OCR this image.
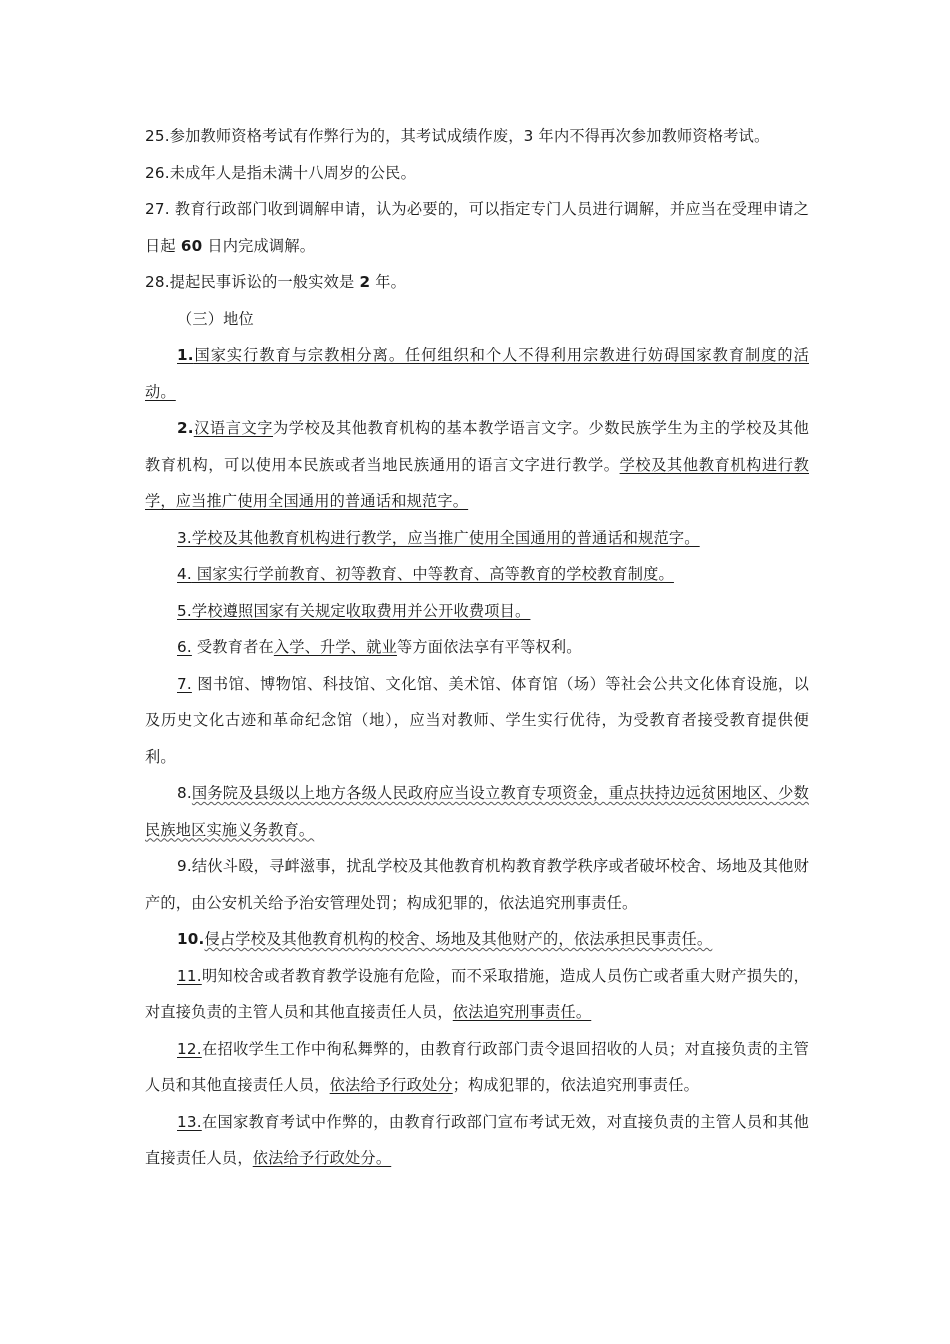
25.参加教师资格考试有作弊行为的，其考试成绩作废，3 年内不得再次参加教师资格考试。

26.未成年人是指未满十八周岁的公民。

27. 教育行政部门收到调解申请，认为必要的，可以指定专门人员进行调解，并应当在受理申请之日起 60 日内完成调解。

28.提起民事诉讼的一般实效是 2 年。

（三）地位

1.国家实行教育与宗教相分离。任何组织和个人不得利用宗教进行妨碍国家教育制度的活动。

2.汉语言文字为学校及其他教育机构的基本教学语言文字。少数民族学生为主的学校及其他教育机构，可以使用本民族或者当地民族通用的语言文字进行教学。学校及其他教育机构进行教学，应当推广使用全国通用的普通话和规范字。

3.学校及其他教育机构进行教学，应当推广使用全国通用的普通话和规范字。

4. 国家实行学前教育、初等教育、中等教育、高等教育的学校教育制度。

5.学校遵照国家有关规定收取费用并公开收费项目。

6. 受教育者在入学、升学、就业等方面依法享有平等权利。

7. 图书馆、博物馆、科技馆、文化馆、美术馆、体育馆（场）等社会公共文化体育设施，以及历史文化古迹和革命纪念馆（地），应当对教师、学生实行优待，为受教育者接受教育提供便利。

8.国务院及县级以上地方各级人民政府应当设立教育专项资金，重点扶持边远贫困地区、少数民族地区实施义务教育。

9.结伙斗殴，寻衅滋事，扰乱学校及其他教育机构教育教学秩序或者破坏校舍、场地及其他财产的，由公安机关给予治安管理处罚；构成犯罪的，依法追究刑事责任。

10.侵占学校及其他教育机构的校舍、场地及其他财产的，依法承担民事责任。

11.明知校舍或者教育教学设施有危险，而不采取措施，造成人员伤亡或者重大财产损失的，对直接负责的主管人员和其他直接责任人员，依法追究刑事责任。

12.在招收学生工作中徇私舞弊的，由教育行政部门责令退回招收的人员；对直接负责的主管人员和其他直接责任人员，依法给予行政处分；构成犯罪的，依法追究刑事责任。

13.在国家教育考试中作弊的，由教育行政部门宣布考试无效，对直接负责的主管人员和其他直接责任人员，依法给予行政处分。
